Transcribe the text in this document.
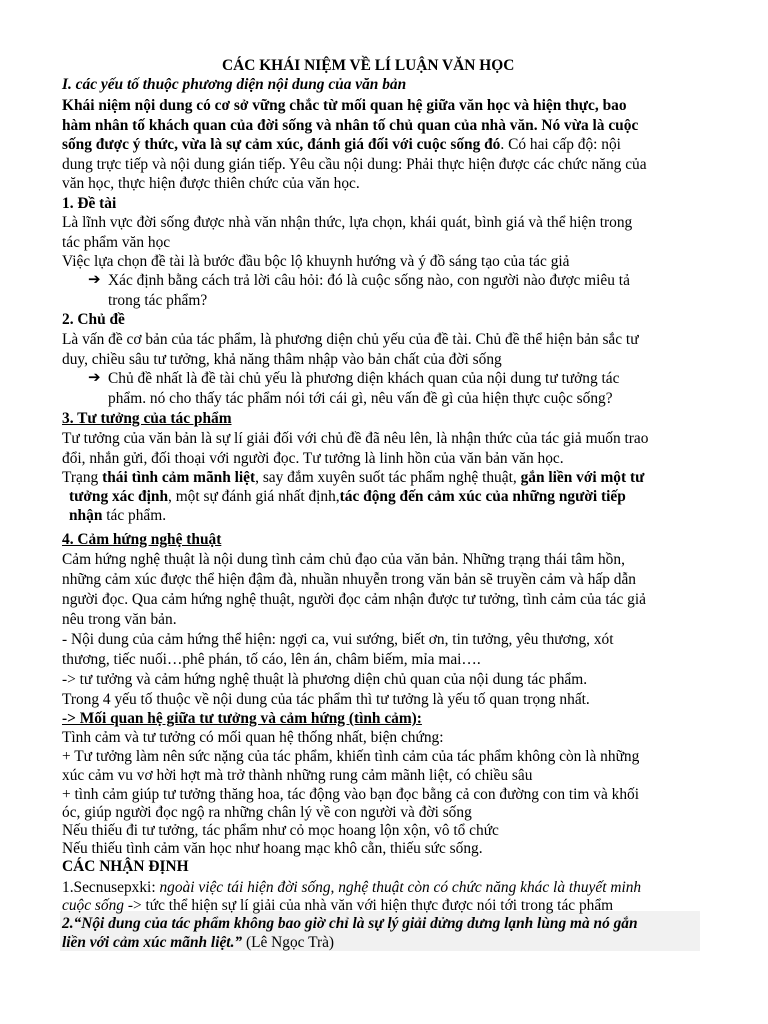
CÁC KHÁI NIỆM VỀ LÍ LUẬN VĂN HỌC
I. các yếu tố thuộc phương diện nội dung của văn bản
Khái niệm nội dung có cơ sở vững chắc từ mối quan hệ giữa văn học và hiện thực, bao
hàm nhân tố khách quan của đời sống và nhân tố chủ quan của nhà văn. Nó vừa là cuộc
sống được ý thức, vừa là sự cảm xúc, đánh giá đối với cuộc sống đó. Có hai cấp độ: nội
dung trực tiếp và nội dung gián tiếp. Yêu cầu nội dung: Phải thực hiện được các chức năng của
văn học, thực hiện được thiên chức của văn học.
1. Đề tài
Là lĩnh vực đời sống được nhà văn nhận thức, lựa chọn, khái quát, bình giá và thể hiện trong
tác phẩm văn học
Việc lựa chọn đề tài là bước đầu bộc lộ khuynh hướng và ý đồ sáng tạo của tác giả
➔ Xác định bằng cách trả lời câu hỏi: đó là cuộc sống nào, con người nào được miêu tả
trong tác phẩm?
2. Chủ đề
Là vấn đề cơ bản của tác phẩm, là phương diện chủ yếu của đề tài. Chủ đề thể hiện bản sắc tư
duy, chiều sâu tư tưởng, khả năng thâm nhập vào bản chất của đời sống
➔ Chủ đề nhất là đề tài chủ yếu là phương diện khách quan của nội dung tư tưởng tác
phẩm. nó cho thấy tác phẩm nói tới cái gì, nêu vấn đề gì của hiện thực cuộc sống?
3. Tư tưởng của tác phẩm
Tư tưởng của văn bản là sự lí giải đối với chủ đề đã nêu lên, là nhận thức của tác giả muốn trao
đổi, nhắn gửi, đối thoại với người đọc. Tư tưởng là linh hồn của văn bản văn học.
Trạng thái tình cảm mãnh liệt, say đắm xuyên suốt tác phẩm nghệ thuật, gắn liền với một tư
tưởng xác định, một sự đánh giá nhất định,tác động đến cảm xúc của những người tiếp
nhận tác phẩm.
4. Cảm hứng nghệ thuật
Cảm hứng nghệ thuật là nội dung tình cảm chủ đạo của văn bản. Những trạng thái tâm hồn,
những cảm xúc được thể hiện đậm đà, nhuần nhuyễn trong văn bản sẽ truyền cảm và hấp dẫn
người đọc. Qua cảm hứng nghệ thuật, người đọc cảm nhận được tư tưởng, tình cảm của tác giả
nêu trong văn bản.
- Nội dung của cảm hứng thể hiện: ngợi ca, vui sướng, biết ơn, tin tưởng, yêu thương, xót
thương, tiếc nuối…phê phán, tố cáo, lên án, châm biếm, mỉa mai….
-> tư tưởng và cảm hứng nghệ thuật là phương diện chủ quan của nội dung tác phẩm.
Trong 4 yếu tố thuộc về nội dung của tác phẩm thì tư tưởng là yếu tố quan trọng nhất.
-> Mối quan hệ giữa tư tưởng và cảm hứng (tình cảm):
Tình cảm và tư tưởng có mối quan hệ thống nhất, biện chứng:
+ Tư tưởng làm nên sức nặng của tác phẩm, khiến tình cảm của tác phẩm không còn là những
xúc cảm vu vơ hời hợt mà trở thành những rung cảm mãnh liệt, có chiều sâu
+ tình cảm giúp tư tưởng thăng hoa, tác động vào bạn đọc bằng cả con đường con tim và khối
óc, giúp người đọc ngộ ra những chân lý về con người và đời sống
Nếu thiếu đi tư tưởng, tác phẩm như cỏ mọc hoang lộn xộn, vô tổ chức
Nếu thiếu tình cảm văn học như hoang mạc khô cằn, thiếu sức sống.
CÁC NHẬN ĐỊNH
1.Secnusepxki: ngoài việc tái hiện đời sống, nghệ thuật còn có chức năng khác là thuyết minh
cuộc sống -> tức thể hiện sự lí giải của nhà văn với hiện thực được nói tới trong tác phẩm
2.“Nội dung của tác phẩm không bao giờ chỉ là sự lý giải dửng dưng lạnh lùng mà nó gắn
liền với cảm xúc mãnh liệt.” (Lê Ngọc Trà)
